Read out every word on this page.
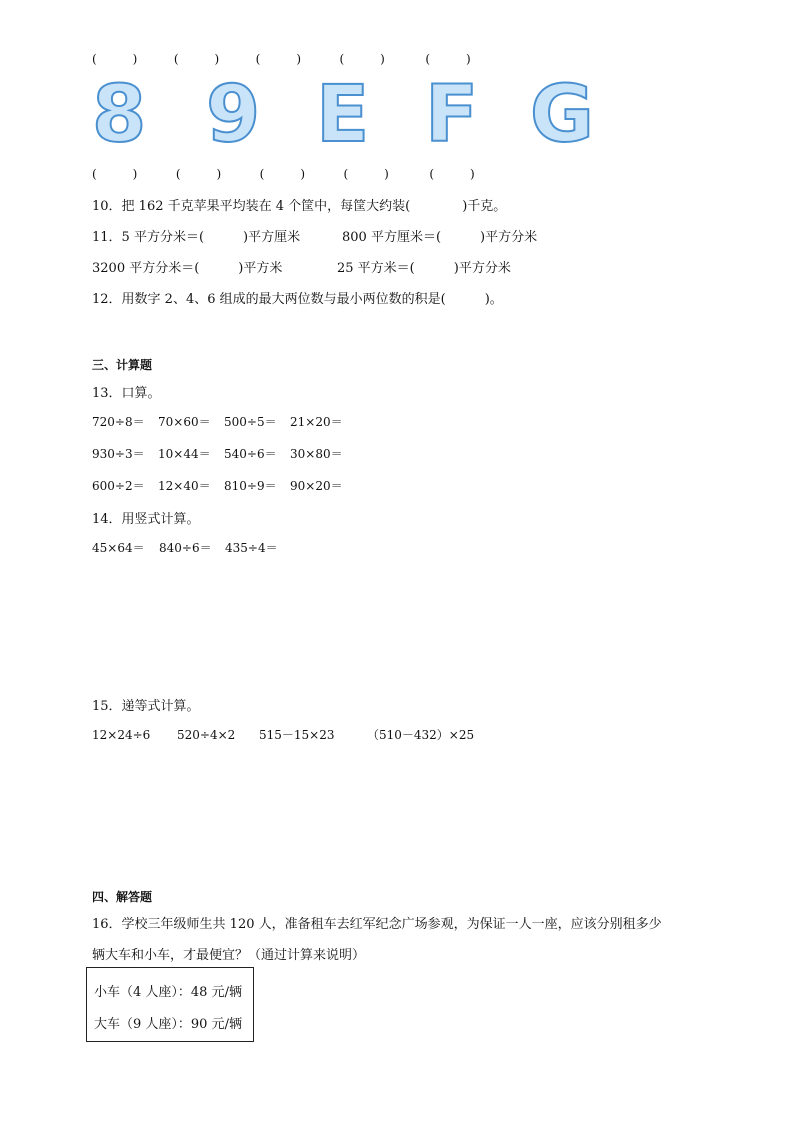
(　　　)	(　　　)	(　　　)	(　　　)	(　　　)
8 9 E F G
(　　　)	(　　　)	(　　　)	(　　　)	(　　　)
10．把 162 千克苹果平均装在 4 个筐中，每筐大约装(　　　　)千克。
11．5 平方分米＝(　　　)平方厘米	800 平方厘米＝(　　　)平方分米
3200 平方分米＝(　　　)平方米	25 平方米＝(　　　)平方分米
12．用数字 2、4、6 组成的最大两位数与最小两位数的积是(　　　)。
三、计算题
13．口算。
720÷8＝ 70×60＝ 500÷5＝ 21×20＝
930÷3＝ 10×44＝ 540÷6＝ 30×80＝
600÷2＝ 12×40＝ 810÷9＝ 90×20＝
14．用竖式计算。
45×64＝ 840÷6＝ 435÷4＝
15．递等式计算。
12×24÷6 520÷4×2 515－15×23	（510－432）×25
四、解答题
16．学校三年级师生共 120 人，准备租车去红军纪念广场参观，为保证一人一座，应该分别租多少
辆大车和小车，才最便宜？（通过计算来说明）
小车（4 人座）：48 元/辆
大车（9 人座）：90 元/辆
